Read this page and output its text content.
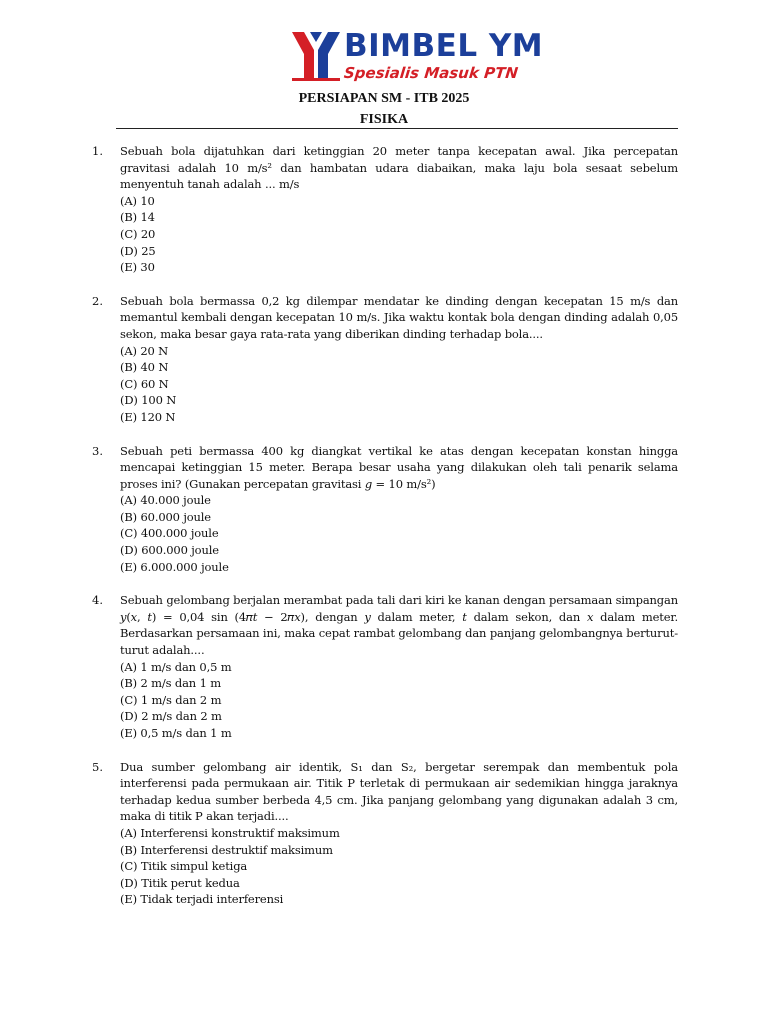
BIMBEL YM
Spesialis Masuk PTN
PERSIAPAN SM - ITB 2025
FISIKA
1.	Sebuah bola dijatuhkan dari ketinggian 20 meter tanpa kecepatan awal. Jika percepatan gravitasi adalah 10 m/s² dan hambatan udara diabaikan, maka laju bola sesaat sebelum menyentuh tanah adalah ... m/s
(A) 10
(B) 14
(C) 20
(D) 25
(E) 30
2.	Sebuah bola bermassa 0,2 kg dilempar mendatar ke dinding dengan kecepatan 15 m/s dan memantul kembali dengan kecepatan 10 m/s. Jika waktu kontak bola dengan dinding adalah 0,05 sekon, maka besar gaya rata-rata yang diberikan dinding terhadap bola....
(A) 20 N
(B) 40 N
(C) 60 N
(D) 100 N
(E) 120 N
3.	Sebuah peti bermassa 400 kg diangkat vertikal ke atas dengan kecepatan konstan hingga mencapai ketinggian 15 meter. Berapa besar usaha yang dilakukan oleh tali penarik selama proses ini? (Gunakan percepatan gravitasi 𝑔 = 10 m/s²)
(A) 40.000 joule
(B) 60.000 joule
(C) 400.000 joule
(D) 600.000 joule
(E) 6.000.000 joule
4.	Sebuah gelombang berjalan merambat pada tali dari kiri ke kanan dengan persamaan simpangan 𝑦(𝑥, 𝑡) = 0,04 sin (4𝜋𝑡 − 2𝜋𝑥), dengan 𝑦 dalam meter, 𝑡 dalam sekon, dan 𝑥 dalam meter. Berdasarkan persamaan ini, maka cepat rambat gelombang dan panjang gelombangnya berturut-turut adalah....
(A) 1 m/s dan 0,5 m
(B) 2 m/s dan 1 m
(C) 1 m/s dan 2 m
(D) 2 m/s dan 2 m
(E) 0,5 m/s dan 1 m
5.	Dua sumber gelombang air identik, S₁ dan S₂, bergetar serempak dan membentuk pola interferensi pada permukaan air. Titik P terletak di permukaan air sedemikian hingga jaraknya terhadap kedua sumber berbeda 4,5 cm. Jika panjang gelombang yang digunakan adalah 3 cm, maka di titik P akan terjadi....
(A) Interferensi konstruktif maksimum
(B) Interferensi destruktif maksimum
(C) Titik simpul ketiga
(D) Titik perut kedua
(E) Tidak terjadi interferensi
